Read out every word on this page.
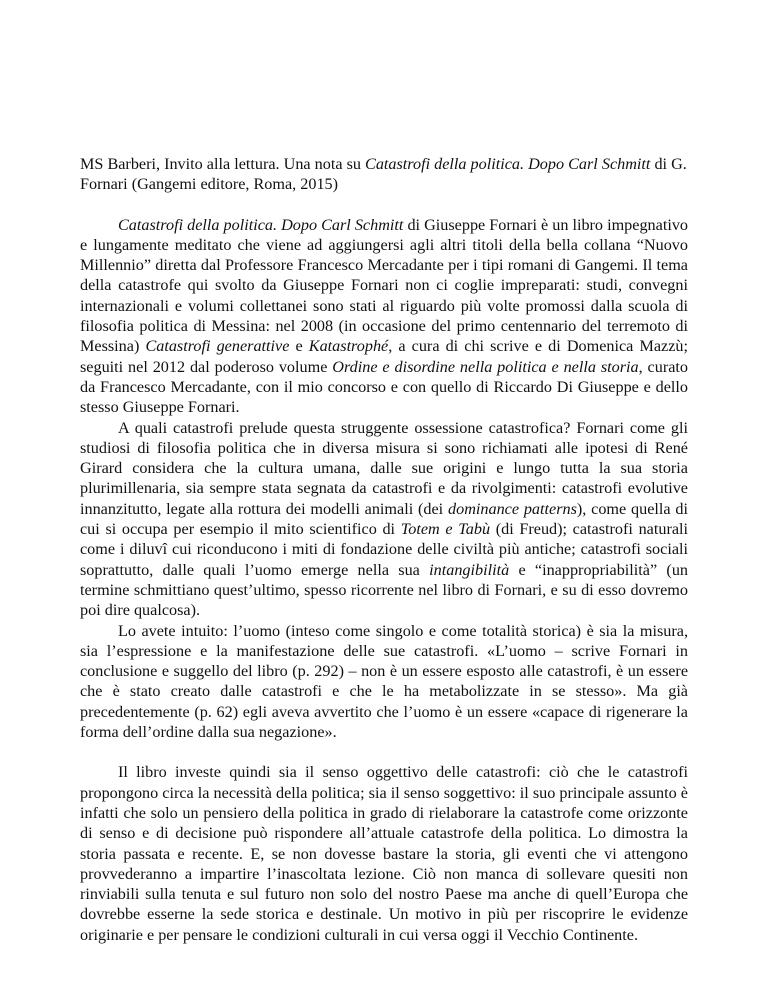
MS Barberi, Invito alla lettura. Una nota su Catastrofi della politica. Dopo Carl Schmitt di G. Fornari (Gangemi editore, Roma, 2015)

Catastrofi della politica. Dopo Carl Schmitt di Giuseppe Fornari è un libro impegnativo e lungamente meditato che viene ad aggiungersi agli altri titoli della bella collana “Nuovo Millennio” diretta dal Professore Francesco Mercadante per i tipi romani di Gangemi. Il tema della catastrofe qui svolto da Giuseppe Fornari non ci coglie impreparati: studi, convegni internazionali e volumi collettanei sono stati al riguardo più volte promossi dalla scuola di filosofia politica di Messina: nel 2008 (in occasione del primo centennario del terremoto di Messina) Catastrofi generattive e Katastrophé, a cura di chi scrive e di Domenica Mazzù; seguiti nel 2012 dal poderoso volume Ordine e disordine nella politica e nella storia, curato da Francesco Mercadante, con il mio concorso e con quello di Riccardo Di Giuseppe e dello stesso Giuseppe Fornari.

A quali catastrofi prelude questa struggente ossessione catastrofica? Fornari come gli studiosi di filosofia politica che in diversa misura si sono richiamati alle ipotesi di René Girard considera che la cultura umana, dalle sue origini e lungo tutta la sua storia plurimillenaria, sia sempre stata segnata da catastrofi e da rivolgimenti: catastrofi evolutive innanzitutto, legate alla rottura dei modelli animali (dei dominance patterns), come quella di cui si occupa per esempio il mito scientifico di Totem e Tabù (di Freud); catastrofi naturali come i diluvî cui riconducono i miti di fondazione delle civiltà più antiche; catastrofi sociali soprattutto, dalle quali l’uomo emerge nella sua intangibilità e “inappropriabilità” (un termine schmittiano quest’ultimo, spesso ricorrente nel libro di Fornari, e su di esso dovremo poi dire qualcosa).

Lo avete intuito: l’uomo (inteso come singolo e come totalità storica) è sia la misura, sia l’espressione e la manifestazione delle sue catastrofi. «L’uomo – scrive Fornari in conclusione e suggello del libro (p. 292) – non è un essere esposto alle catastrofi, è un essere che è stato creato dalle catastrofi e che le ha metabolizzate in se stesso». Ma già precedentemente (p. 62) egli aveva avvertito che l’uomo è un essere «capace di rigenerare la forma dell’ordine dalla sua negazione».

Il libro investe quindi sia il senso oggettivo delle catastrofi: ciò che le catastrofi propongono circa la necessità della politica; sia il senso soggettivo: il suo principale assunto è infatti che solo un pensiero della politica in grado di rielaborare la catastrofe come orizzonte di senso e di decisione può rispondere all’attuale catastrofe della politica. Lo dimostra la storia passata e recente. E, se non dovesse bastare la storia, gli eventi che vi attengono provvederanno a impartire l’inascoltata lezione. Ciò non manca di sollevare quesiti non rinviabili sulla tenuta e sul futuro non solo del nostro Paese ma anche di quell’Europa che dovrebbe esserne la sede storica e destinale. Un motivo in più per riscoprire le evidenze originarie e per pensare le condizioni culturali in cui versa oggi il Vecchio Continente.
